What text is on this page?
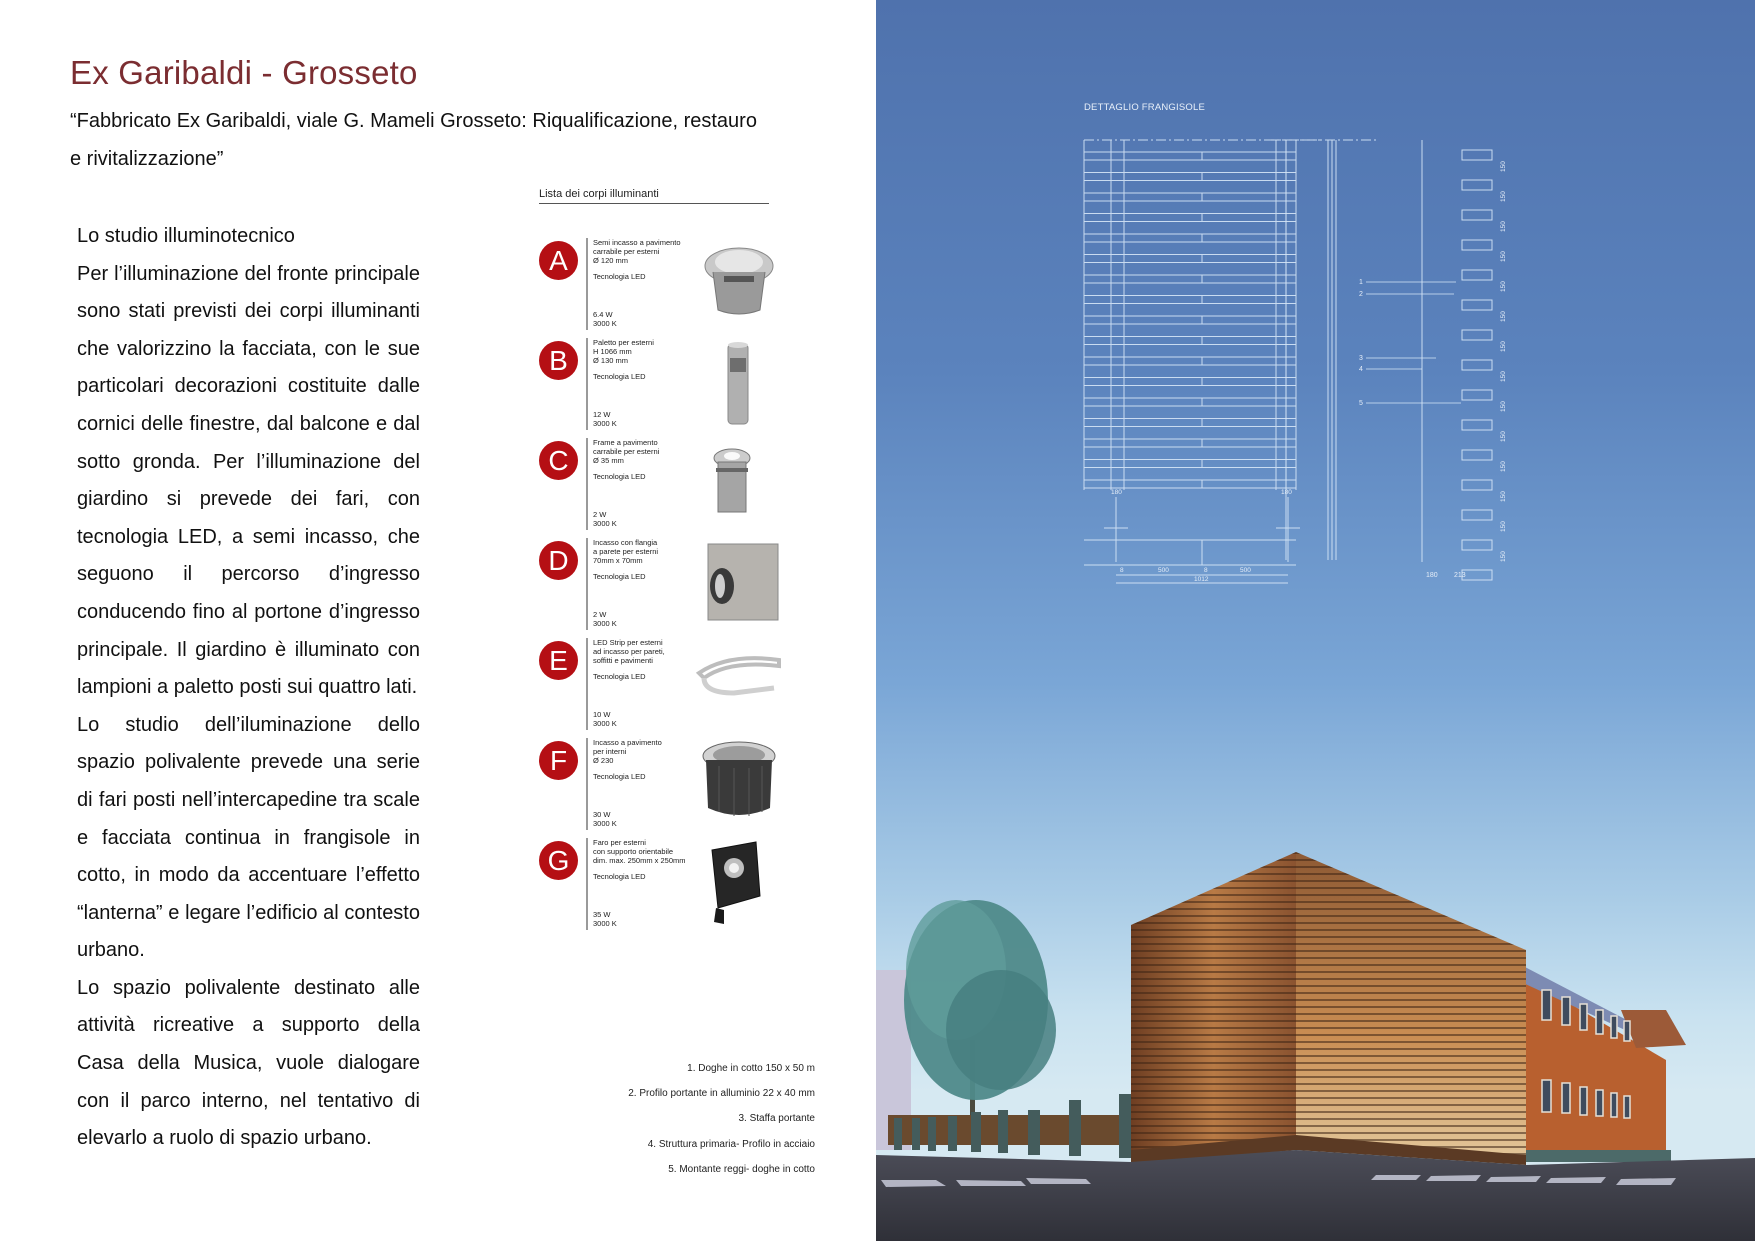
Ex Garibaldi - Grosseto
“Fabbricato Ex Garibaldi, viale G. Mameli Grosseto: Riqualificazione, restauro
e rivitalizzazione”

Lo studio illuminotecnico

Per l’illuminazione del fronte principale sono stati previsti dei corpi illuminanti che valorizzino la facciata, con le sue particolari decorazioni costituite dalle cornici delle finestre, dal balcone e dal sotto gronda. Per l’illuminazione del giardino si prevede dei fari, con tecnologia LED, a semi incasso, che seguono il percorso d’ingresso conducendo fino al portone d’ingresso principale. Il giardino è illuminato con lampioni a paletto posti sui quattro lati.

Lo studio dell’iluminazione dello spazio polivalente prevede una serie di fari posti nell’intercapedine tra scale e facciata continua in frangisole in cotto, in modo da accentuare l’effetto “lanterna” e legare l’edificio al contesto urbano.

Lo spazio polivalente destinato alle attività ricreative a supporto della Casa della Musica, vuole dialogare con il parco interno, nel tentativo di elevarlo a ruolo di spazio urbano.

Lista dei corpi illuminanti
A
Semi incasso a pavimento
carrabile per esterni
Ø 120 mm
Tecnologia LED
6.4 W
3000 K
B
Paletto per esterni
H 1066 mm
Ø 130 mm
Tecnologia LED
12 W
3000 K
C
Frame a pavimento
carrabile per esterni
Ø 35 mm
Tecnologia LED
2 W
3000 K
D
Incasso con flangia
a parete per esterni
70mm x 70mm
Tecnologia LED
2 W
3000 K
E
LED Strip per esterni
ad incasso per pareti,
soffitti e pavimenti
Tecnologia LED
10 W
3000 K
F
Incasso a pavimento
per interni
Ø 230
Tecnologia LED
30 W
3000 K
G
Faro per esterni
con supporto orientabile
dim. max. 250mm x 250mm
Tecnologia LED
35 W
3000 K
1. Doghe in cotto 150 x 50 m
2. Profilo portante in alluminio 22 x 40 mm
3. Staffa portante
4. Struttura primaria- Profilo in acciaio
5. Montante reggi- doghe in cotto
180	180
8	8
500	500
1012
1
2
3
4
5
180 213
150
150
150
150
150
150
150
150
150
150
150
150
150
150
DETTAGLIO FRANGISOLE
